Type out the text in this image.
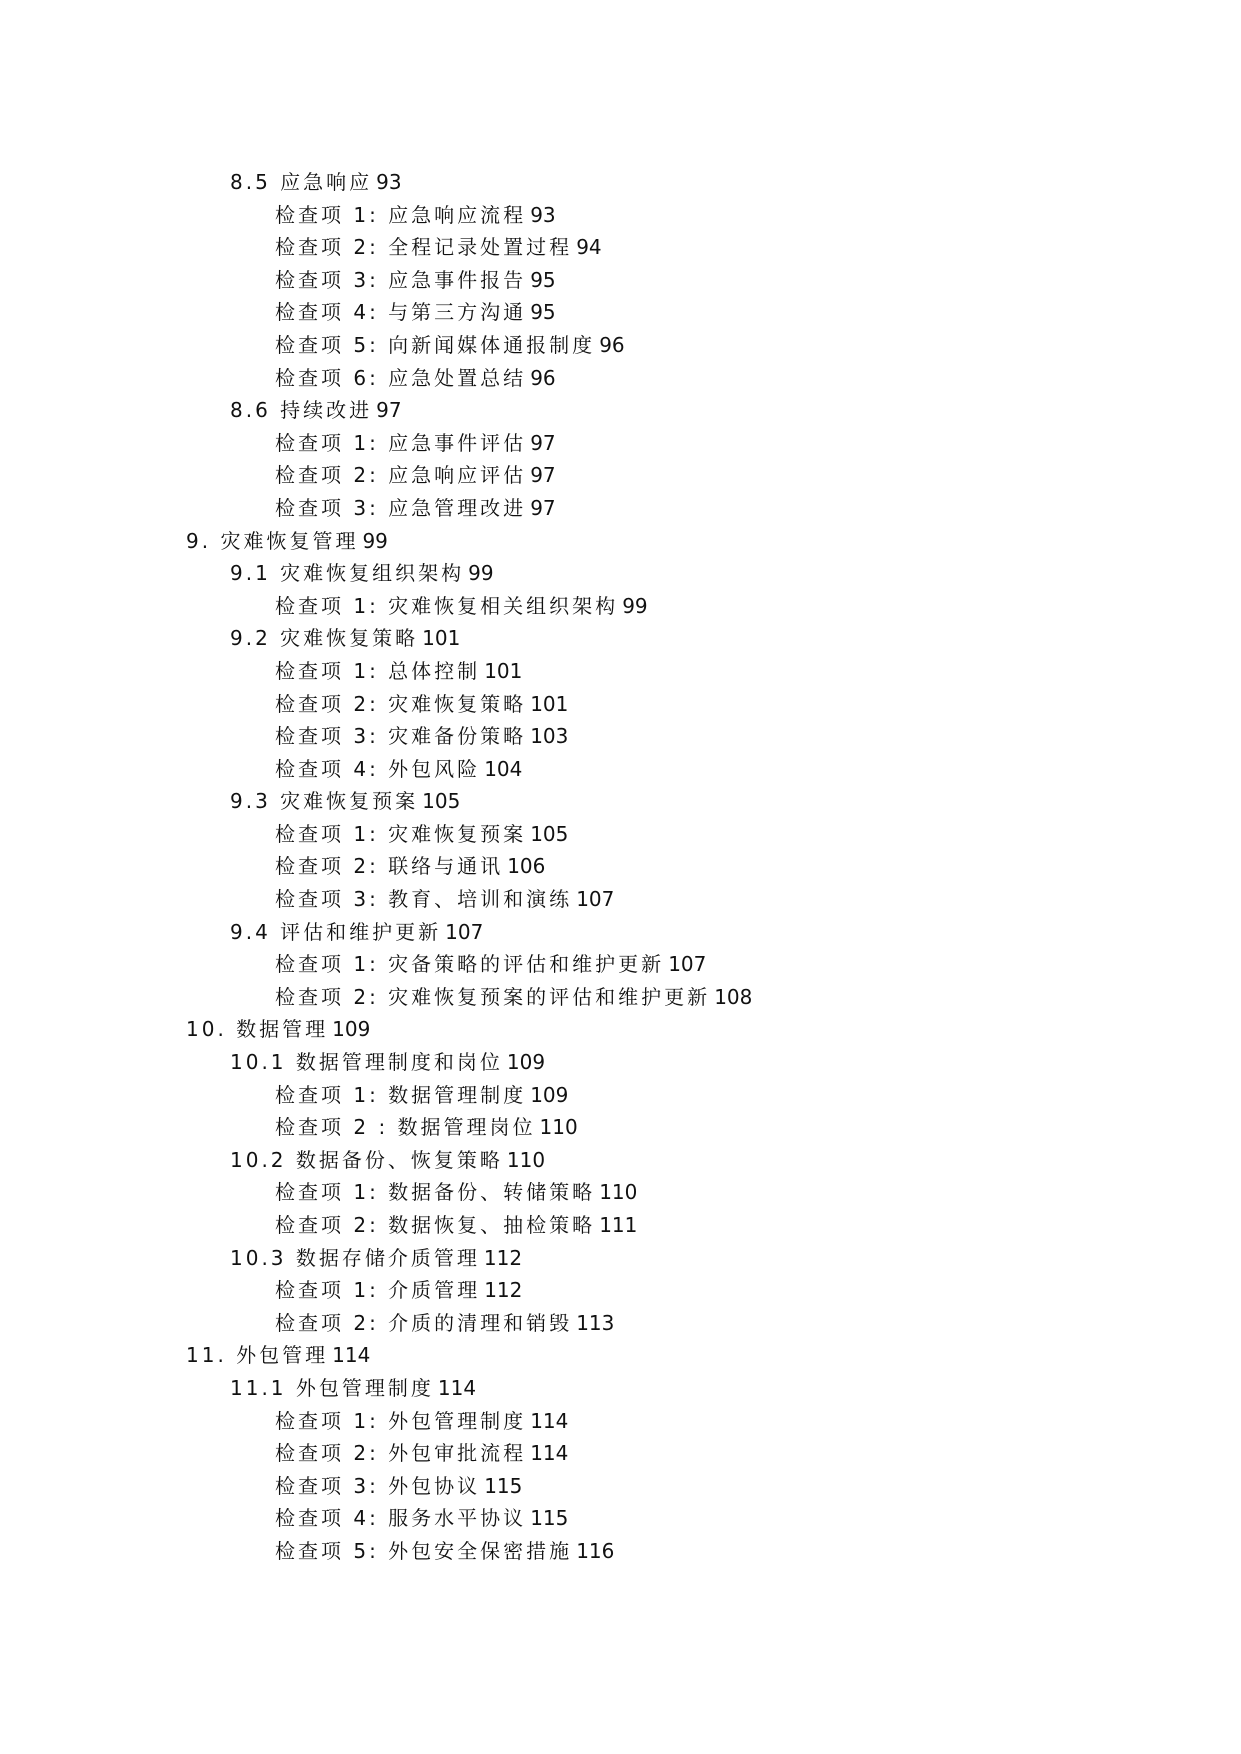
8.5 应急响应 93
检查项 1: 应急响应流程 93
检查项 2: 全程记录处置过程 94
检查项 3: 应急事件报告 95
检查项 4: 与第三方沟通 95
检查项 5: 向新闻媒体通报制度 96
检查项 6: 应急处置总结 96
8.6 持续改进 97
检查项 1: 应急事件评估 97
检查项 2: 应急响应评估 97
检查项 3: 应急管理改进 97
9. 灾难恢复管理 99
9.1 灾难恢复组织架构 99
检查项 1: 灾难恢复相关组织架构 99
9.2 灾难恢复策略 101
检查项 1: 总体控制 101
检查项 2: 灾难恢复策略 101
检查项 3: 灾难备份策略 103
检查项 4: 外包风险 104
9.3 灾难恢复预案 105
检查项 1: 灾难恢复预案 105
检查项 2: 联络与通讯 106
检查项 3: 教育、培训和演练 107
9.4 评估和维护更新 107
检查项 1: 灾备策略的评估和维护更新 107
检查项 2: 灾难恢复预案的评估和维护更新 108
10. 数据管理 109
10.1 数据管理制度和岗位 109
检查项 1: 数据管理制度 109
检查项 2 : 数据管理岗位 110
10.2 数据备份、恢复策略 110
检查项 1: 数据备份、转储策略 110
检查项 2: 数据恢复、抽检策略 111
10.3 数据存储介质管理 112
检查项 1: 介质管理 112
检查项 2: 介质的清理和销毁 113
11. 外包管理 114
11.1 外包管理制度 114
检查项 1: 外包管理制度 114
检查项 2: 外包审批流程 114
检查项 3: 外包协议 115
检查项 4: 服务水平协议 115
检查项 5: 外包安全保密措施 116
